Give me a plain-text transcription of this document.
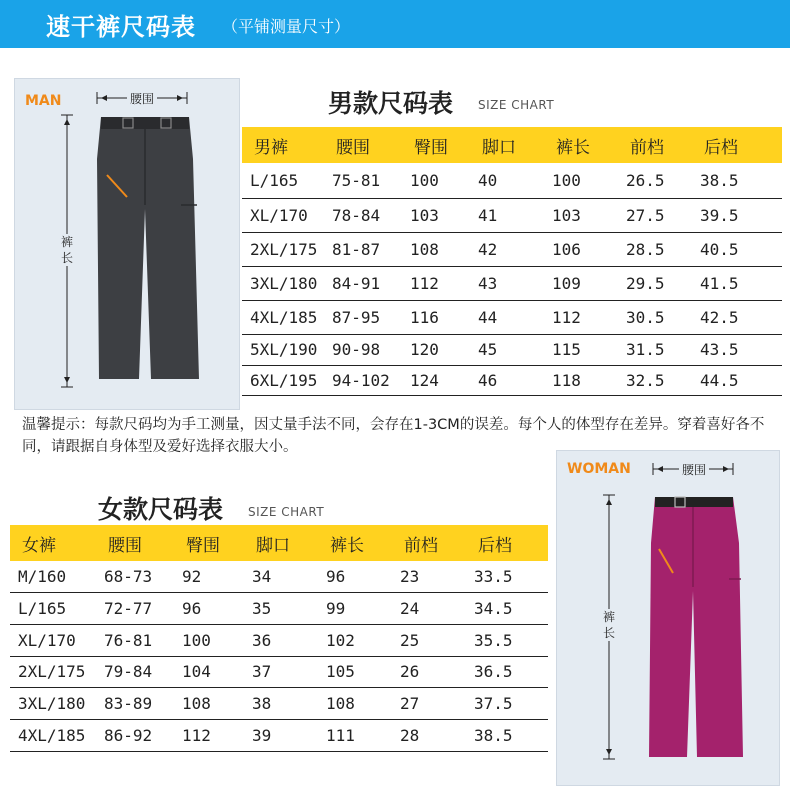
速干裤尺码表 （平铺测量尺寸）
MAN	腰围
裤
长
男款尺码表 SIZE CHART
男裤	腰围	臀围	脚口	裤长	前档	后档
L/165	75-81	100	40	100	26.5	38.5
XL/170	78-84	103	41	103	27.5	39.5
2XL/175	81-87	108	42	106	28.5	40.5
3XL/180	84-91	112	43	109	29.5	41.5
4XL/185	87-95	116	44	112	30.5	42.5
5XL/190	90-98	120	45	115	31.5	43.5
6XL/195	94-102	124	46	118	32.5	44.5
温馨提示：每款尺码均为手工测量，因丈量手法不同，会存在1-3CM的误差。每个人的体型存在差异。穿着喜好各不同，请跟据自身体型及爱好选择衣服大小。
女款尺码表 SIZE CHART
女裤	腰围	臀围	脚口	裤长	前档	后档
M/160	68-73	92	34	96	23	33.5
L/165	72-77	96	35	99	24	34.5
XL/170	76-81	100	36	102	25	35.5
2XL/175	79-84	104	37	105	26	36.5
3XL/180	83-89	108	38	108	27	37.5
4XL/185	86-92	112	39	111	28	38.5
WOMAN	腰围
裤
长
